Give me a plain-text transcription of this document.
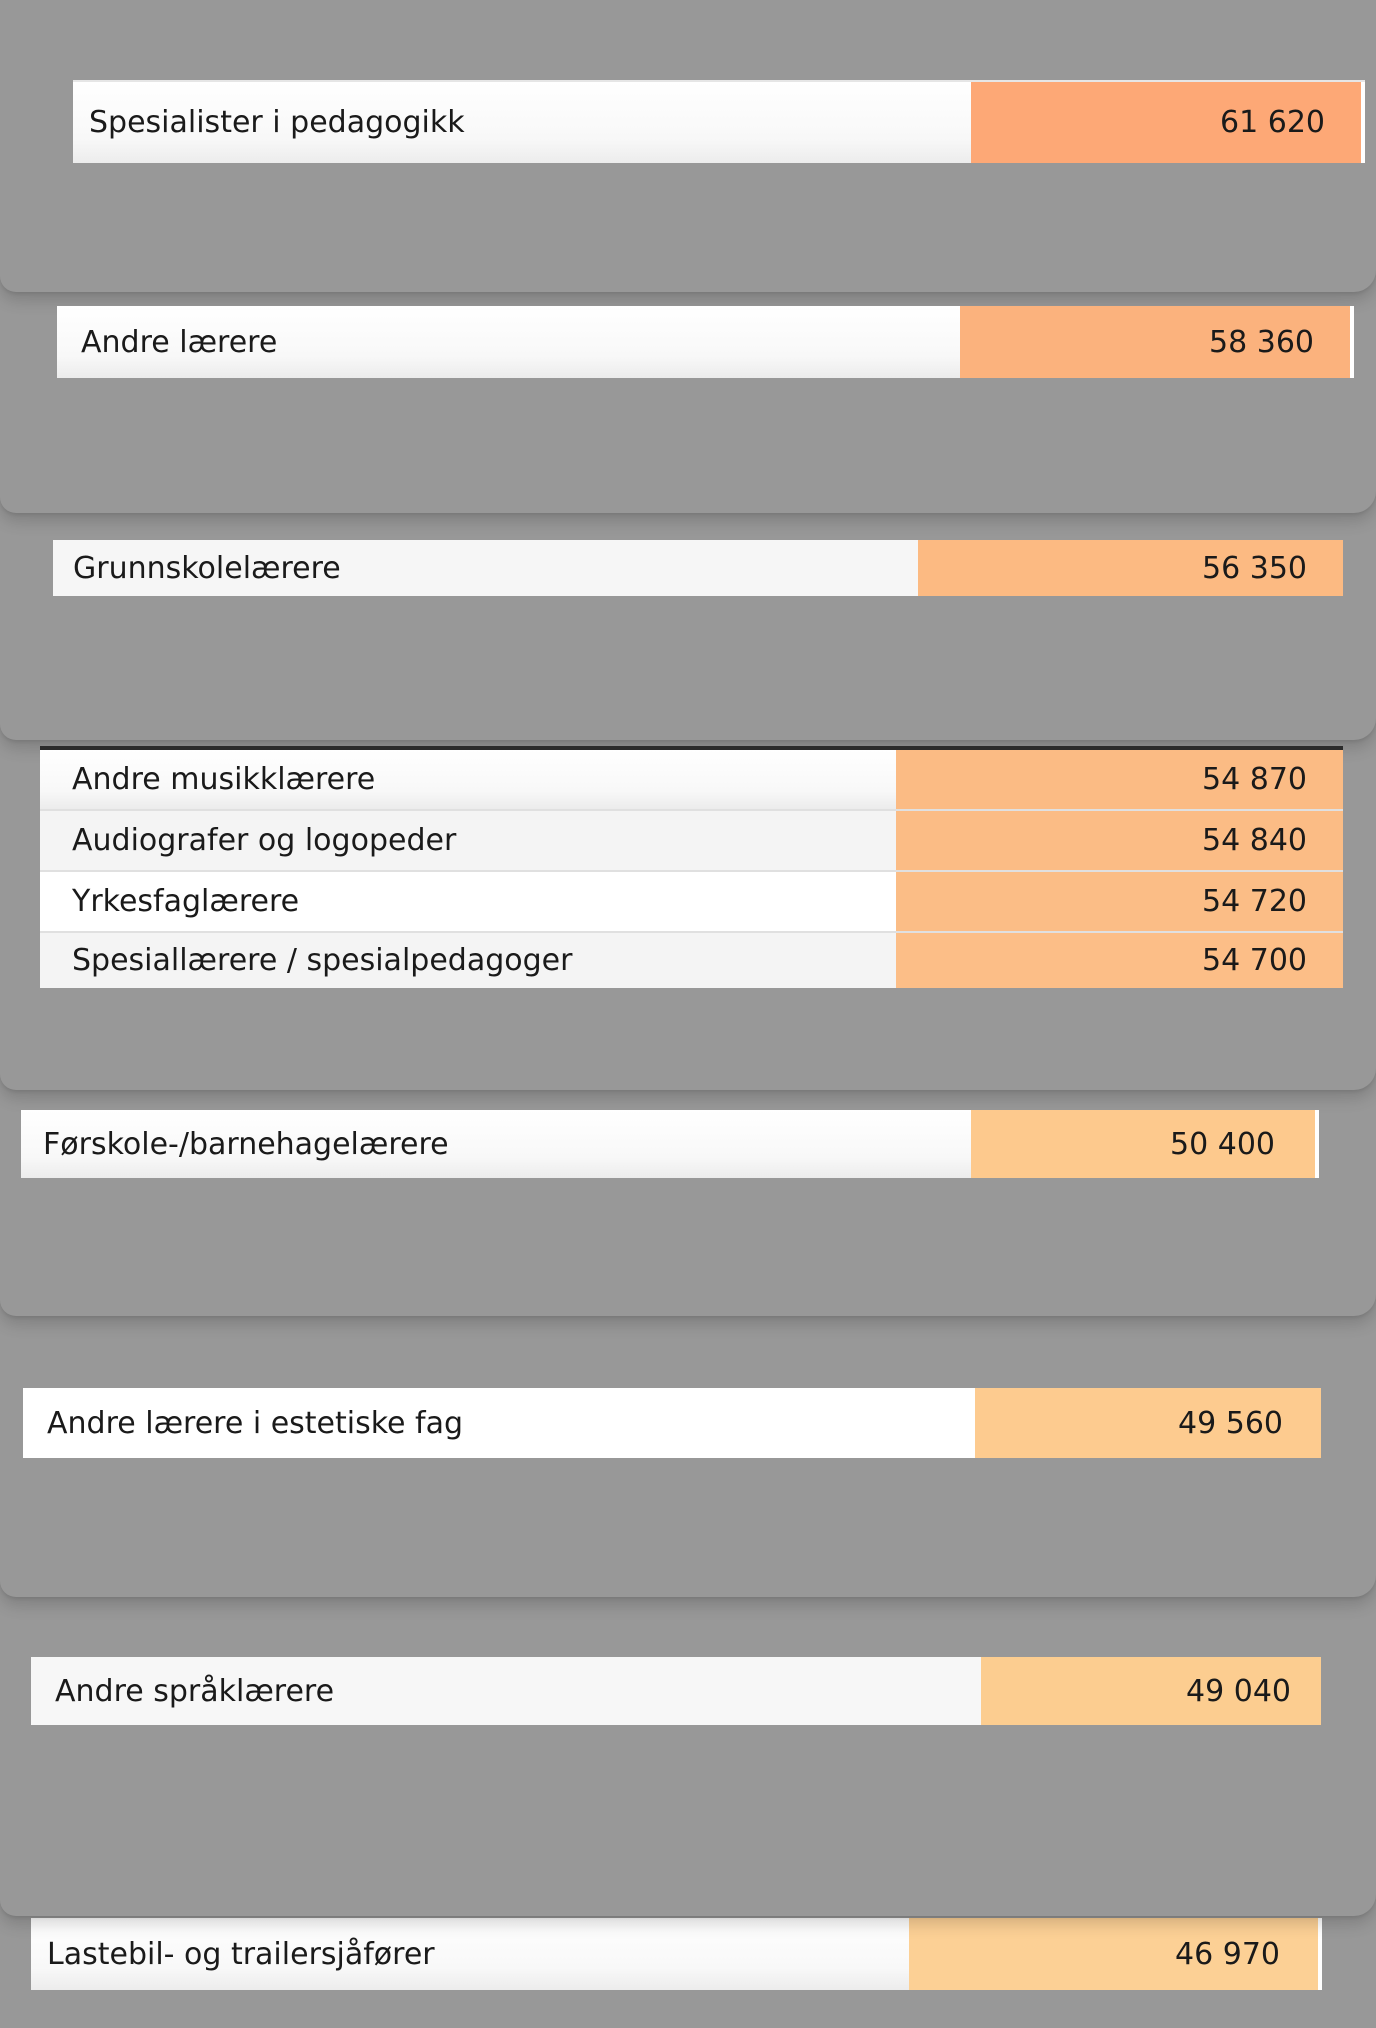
Spesialister i pedagogikk	61 620
Andre lærere	58 360
Grunnskolelærere	56 350
Andre musikklærere	54 870
Audiografer og logopeder	54 840
Yrkesfaglærere	54 720
Spesiallærere / spesialpedagoger	54 700
Førskole-/barnehagelærere	50 400
Andre lærere i estetiske fag	49 560
Andre språklærere	49 040
Lastebil- og trailersjåfører	46 970
